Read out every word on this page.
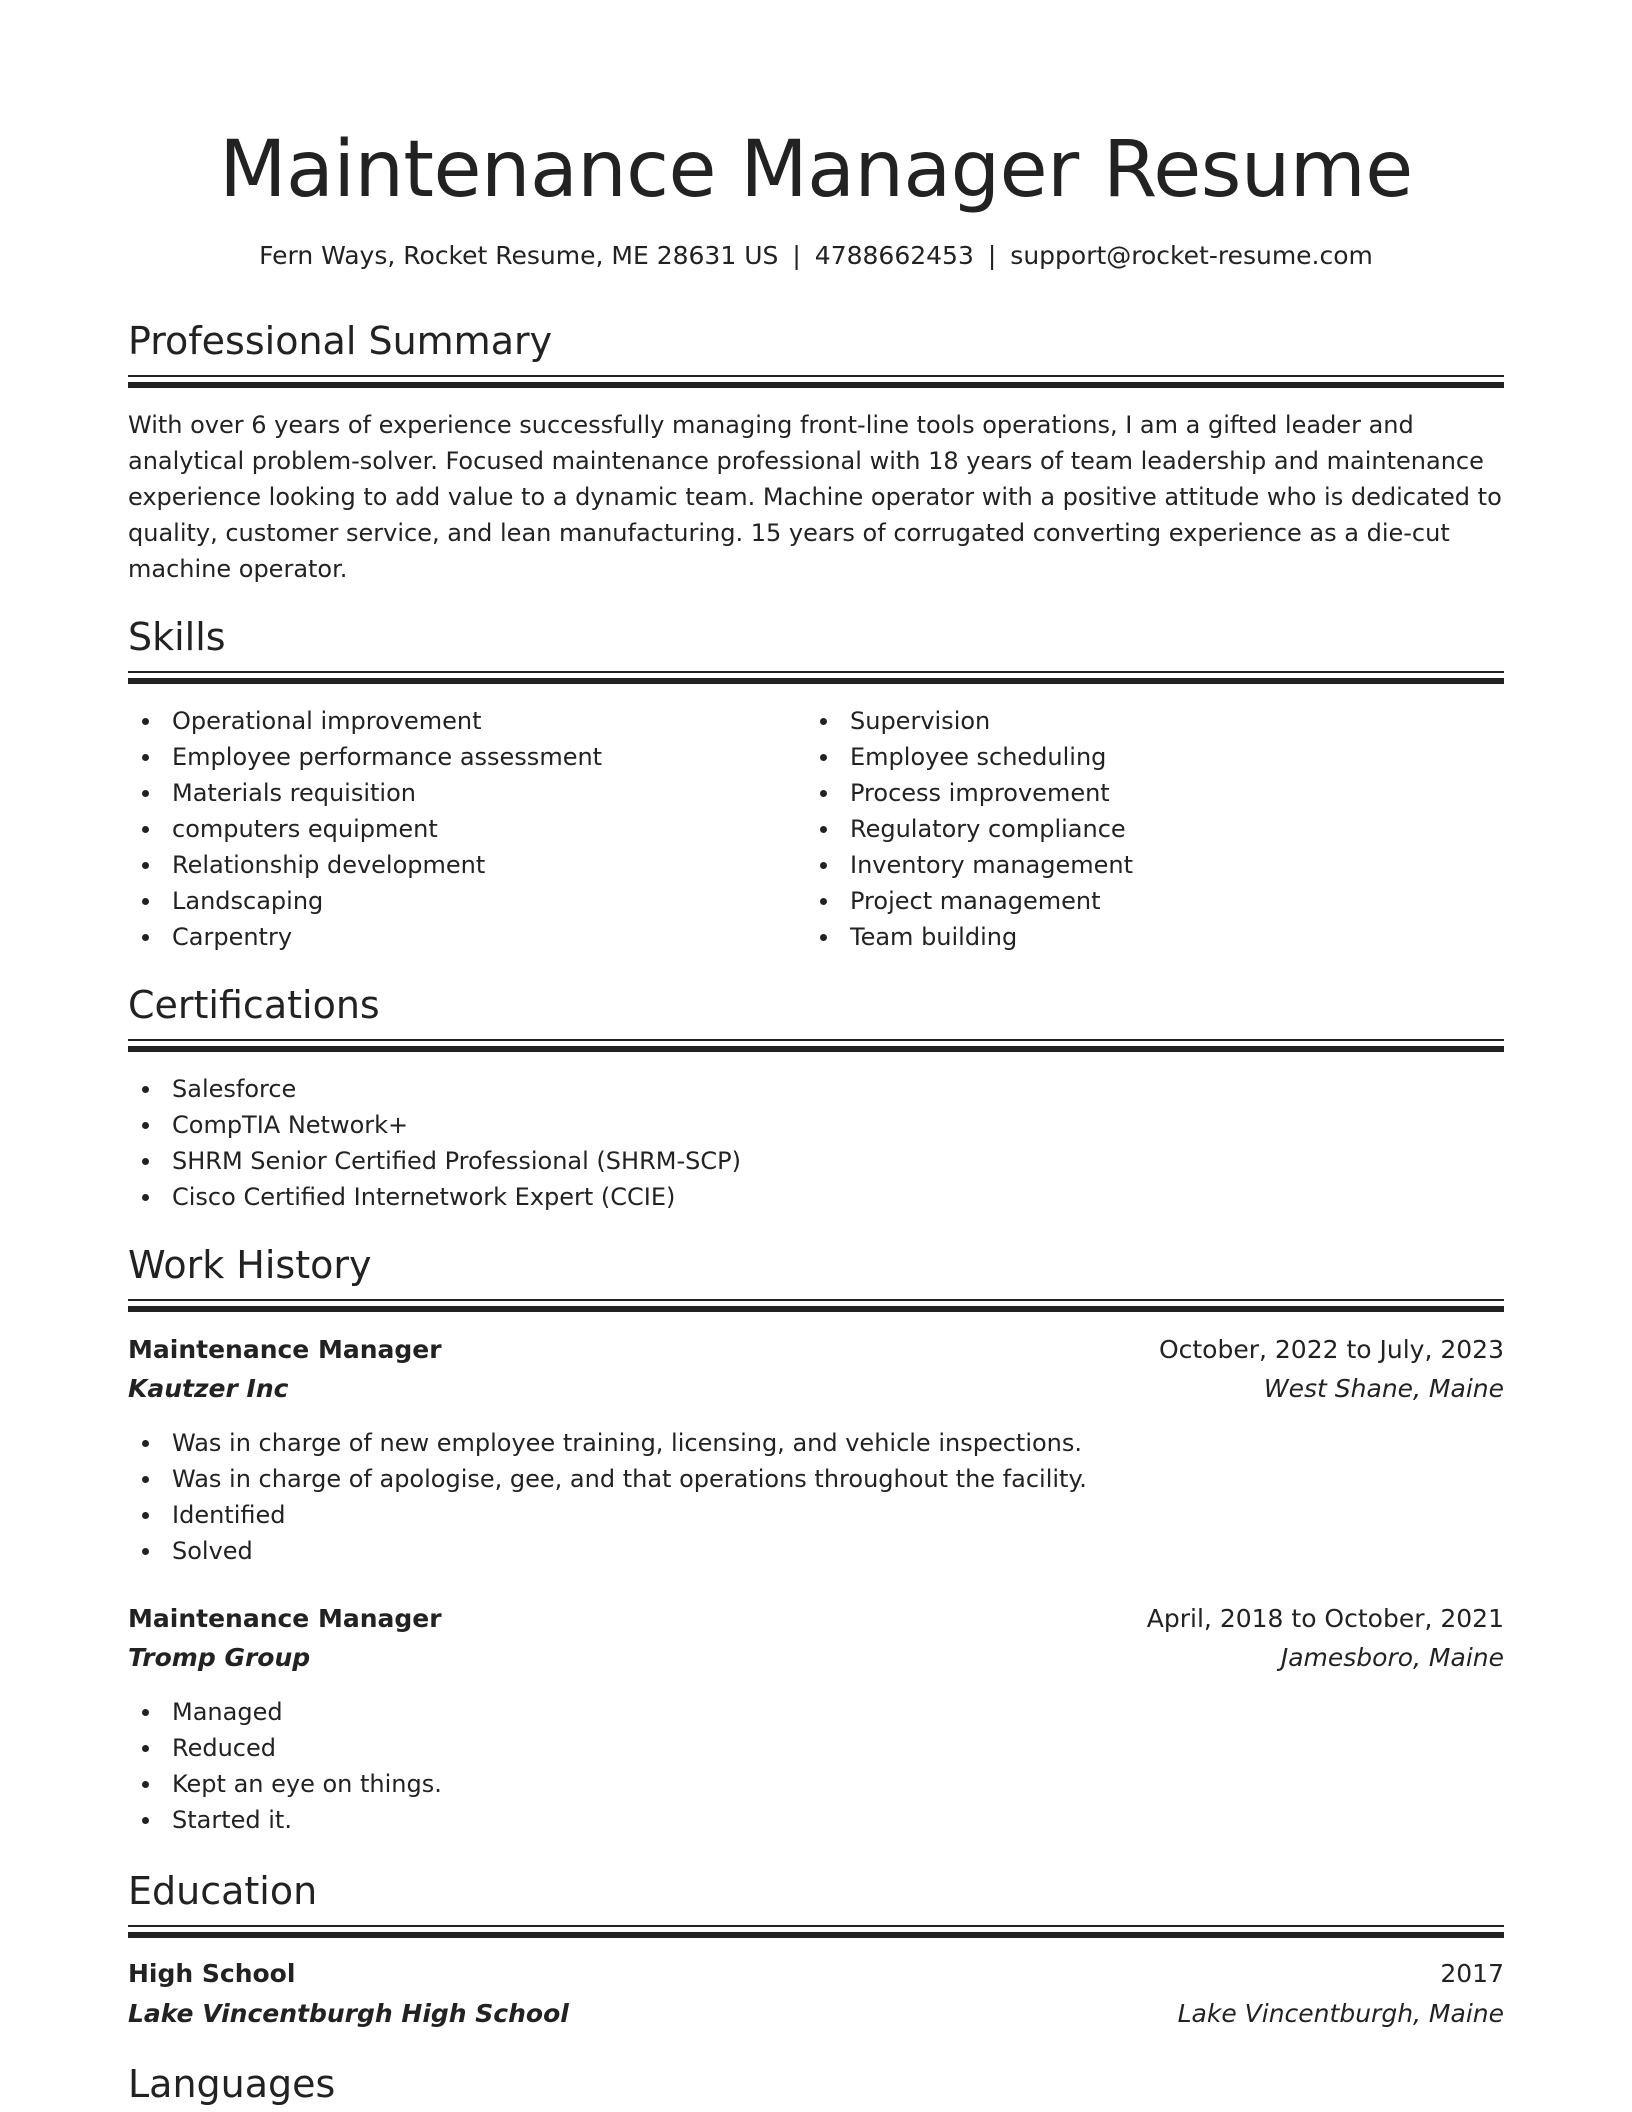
Maintenance Manager Resume
Fern Ways, Rocket Resume, ME 28631 US | 4788662453 | support@rocket-resume.com
Professional Summary
With over 6 years of experience successfully managing front-line tools operations, I am a gifted leader and analytical problem-solver. Focused maintenance professional with 18 years of team leadership and maintenance experience looking to add value to a dynamic team. Machine operator with a positive attitude who is dedicated to quality, customer service, and lean manufacturing. 15 years of corrugated converting experience as a die-cut machine operator.
Skills
Operational improvement
Employee performance assessment
Materials requisition
computers equipment
Relationship development
Landscaping
Carpentry
Supervision
Employee scheduling
Process improvement
Regulatory compliance
Inventory management
Project management
Team building
Certifications
Salesforce
CompTIA Network+
SHRM Senior Certified Professional (SHRM-SCP)
Cisco Certified Internetwork Expert (CCIE)
Work History
Maintenance Manager	October, 2022 to July, 2023
Kautzer Inc	West Shane, Maine
Was in charge of new employee training, licensing, and vehicle inspections.
Was in charge of apologise, gee, and that operations throughout the facility.
Identified
Solved
Maintenance Manager	April, 2018 to October, 2021
Tromp Group	Jamesboro, Maine
Managed
Reduced
Kept an eye on things.
Started it.
Education
High School	2017
Lake Vincentburgh High School	Lake Vincentburgh, Maine
Languages
